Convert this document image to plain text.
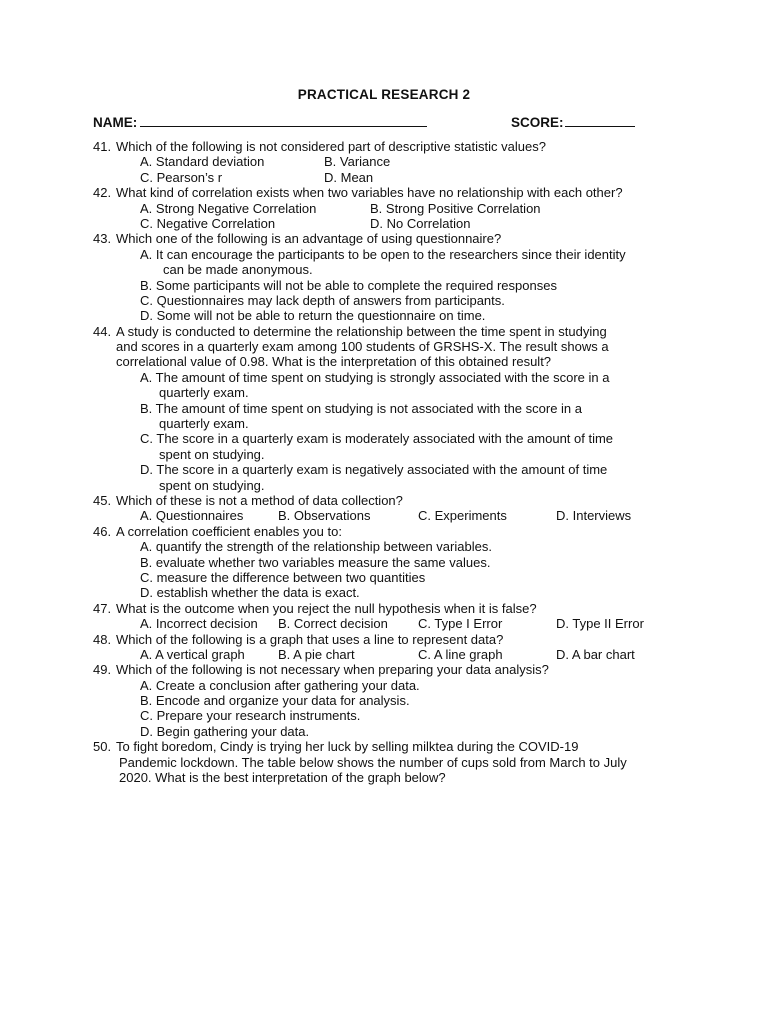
PRACTICAL RESEARCH 2
NAME:	SCORE:
41. Which of the following is not considered part of descriptive statistic values?
A. Standard deviation	B. Variance
C. Pearson’s r	D. Mean
42. What kind of correlation exists when two variables have no relationship with each other?
A. Strong Negative Correlation	B. Strong Positive Correlation
C. Negative Correlation	D. No Correlation
43. Which one of the following is an advantage of using questionnaire?
A. It can encourage the participants to be open to the researchers since their identity
can be made anonymous.
B. Some participants will not be able to complete the required responses
C. Questionnaires may lack depth of answers from participants.
D. Some will not be able to return the questionnaire on time.
44. A study is conducted to determine the relationship between the time spent in studying
and scores in a quarterly exam among 100 students of GRSHS-X. The result shows a
correlational value of 0.98. What is the interpretation of this obtained result?
A. The amount of time spent on studying is strongly associated with the score in a
quarterly exam.
B. The amount of time spent on studying is not associated with the score in a
quarterly exam.
C. The score in a quarterly exam is moderately associated with the amount of time
spent on studying.
D. The score in a quarterly exam is negatively associated with the amount of time
spent on studying.
45. Which of these is not a method of data collection?
A. Questionnaires	B. Observations	C. Experiments	D. Interviews
46. A correlation coefficient enables you to:
A. quantify the strength of the relationship between variables.
B. evaluate whether two variables measure the same values.
C. measure the difference between two quantities
D. establish whether the data is exact.
47. What is the outcome when you reject the null hypothesis when it is false?
A. Incorrect decision B. Correct decision C. Type I Error	D. Type II Error
48. Which of the following is a graph that uses a line to represent data?
A. A vertical graph	B. A pie chart	C. A line graph	D. A bar chart
49. Which of the following is not necessary when preparing your data analysis?
A. Create a conclusion after gathering your data.
B. Encode and organize your data for analysis.
C. Prepare your research instruments.
D. Begin gathering your data.
50. To fight boredom, Cindy is trying her luck by selling milktea during the COVID-19
Pandemic lockdown. The table below shows the number of cups sold from March to July
2020. What is the best interpretation of the graph below?
